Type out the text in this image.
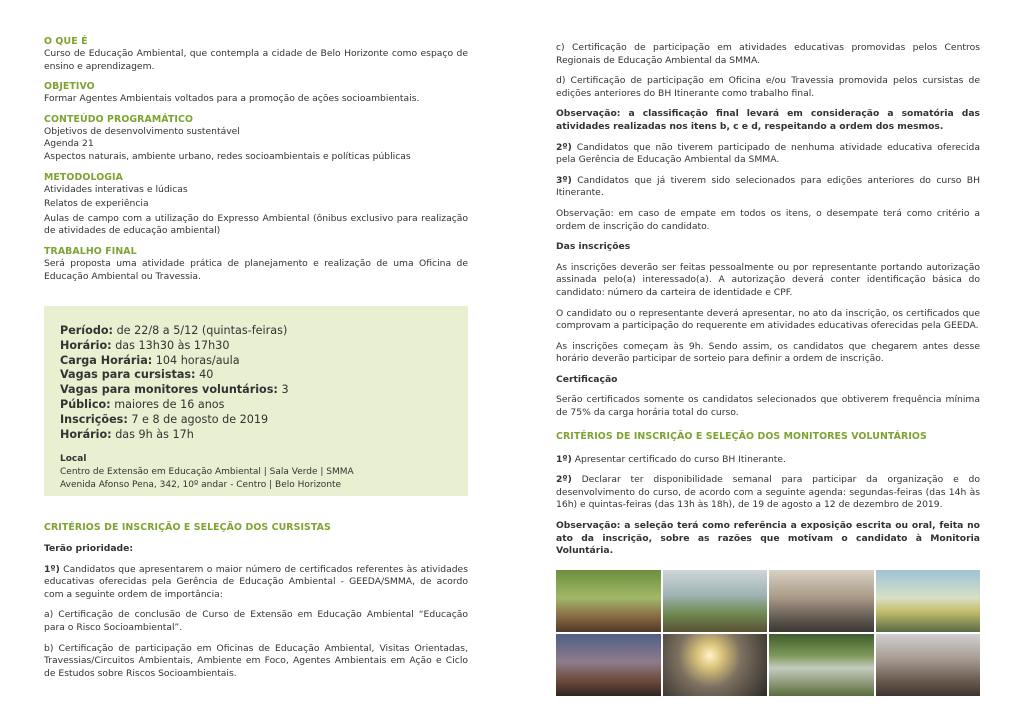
O QUE É

Curso de Educação Ambiental, que contempla a cidade de Belo Horizonte como espaço de ensino e aprendizagem.

OBJETIVO

Formar Agentes Ambientais voltados para a promoção de ações socioambientais.

CONTEÚDO PROGRAMÁTICO

Objetivos de desenvolvimento sustentável

Agenda 21

Aspectos naturais, ambiente urbano, redes socioambientais e políticas públicas

METODOLOGIA

Atividades interativas e lúdicas

Relatos de experiência

Aulas de campo com a utilização do Expresso Ambiental (ônibus exclusivo para realização de atividades de educação ambiental)

TRABALHO FINAL

Será proposta uma atividade prática de planejamento e realização de uma Oficina de Educação Ambiental ou Travessia.

Período: de 22/8 a 5/12 (quintas-feiras)
Horário: das 13h30 às 17h30
Carga Horária: 104 horas/aula
Vagas para cursistas: 40
Vagas para monitores voluntários: 3
Público: maiores de 16 anos
Inscrições: 7 e 8 de agosto de 2019
Horário: das 9h às 17h
Local
Centro de Extensão em Educação Ambiental | Sala Verde | SMMA
Avenida Afonso Pena, 342, 10º andar - Centro | Belo Horizonte

CRITÉRIOS DE INSCRIÇÃO E SELEÇÃO DOS CURSISTAS

Terão prioridade:

1º) Candidatos que apresentarem o maior número de certificados referentes às atividades educativas oferecidas pela Gerência de Educação Ambiental - GEEDA/SMMA, de acordo com a seguinte ordem de importância:

a) Certificação de conclusão de Curso de Extensão em Educação Ambiental “Educação para o Risco Socioambiental”.

b) Certificação de participação em Oficinas de Educação Ambiental, Visitas Orientadas, Travessias/Circuitos Ambientais, Ambiente em Foco, Agentes Ambientais em Ação e Ciclo de Estudos sobre Riscos Socioambientais.

c) Certificação de participação em atividades educativas promovidas pelos Centros Regionais de Educação Ambiental da SMMA.

d) Certificação de participação em Oficina e/ou Travessia promovida pelos cursistas de edições anteriores do BH Itinerante como trabalho final.

Observação: a classificação final levará em consideração a somatória das atividades realizadas nos itens b, c e d, respeitando a ordem dos mesmos.

2º) Candidatos que não tiverem participado de nenhuma atividade educativa oferecida pela Gerência de Educação Ambiental da SMMA.

3º) Candidatos que já tiverem sido selecionados para edições anteriores do curso BH Itinerante.

Observação: em caso de empate em todos os itens, o desempate terá como critério a ordem de inscrição do candidato.

Das inscrições

As inscrições deverão ser feitas pessoalmente ou por representante portando autorização assinada pelo(a) interessado(a). A autorização deverá conter identificação básica do candidato: número da carteira de identidade e CPF.

O candidato ou o representante deverá apresentar, no ato da inscrição, os certificados que comprovam a participação do requerente em atividades educativas oferecidas pela GEEDA.

As inscrições começam às 9h. Sendo assim, os candidatos que chegarem antes desse horário deverão participar de sorteio para definir a ordem de inscrição.

Certificação

Serão certificados somente os candidatos selecionados que obtiverem frequência mínima de 75% da carga horária total do curso.

CRITÉRIOS DE INSCRIÇÃO E SELEÇÃO DOS MONITORES VOLUNTÁRIOS

1º) Apresentar certificado do curso BH Itinerante.

2º) Declarar ter disponibilidade semanal para participar da organização e do desenvolvimento do curso, de acordo com a seguinte agenda: segundas-feiras (das 14h às 16h) e quintas-feiras (das 13h às 18h), de 19 de agosto a 12 de dezembro de 2019.

Observação: a seleção terá como referência a exposição escrita ou oral, feita no ato da inscrição, sobre as razões que motivam o candidato à Monitoria Voluntária.
